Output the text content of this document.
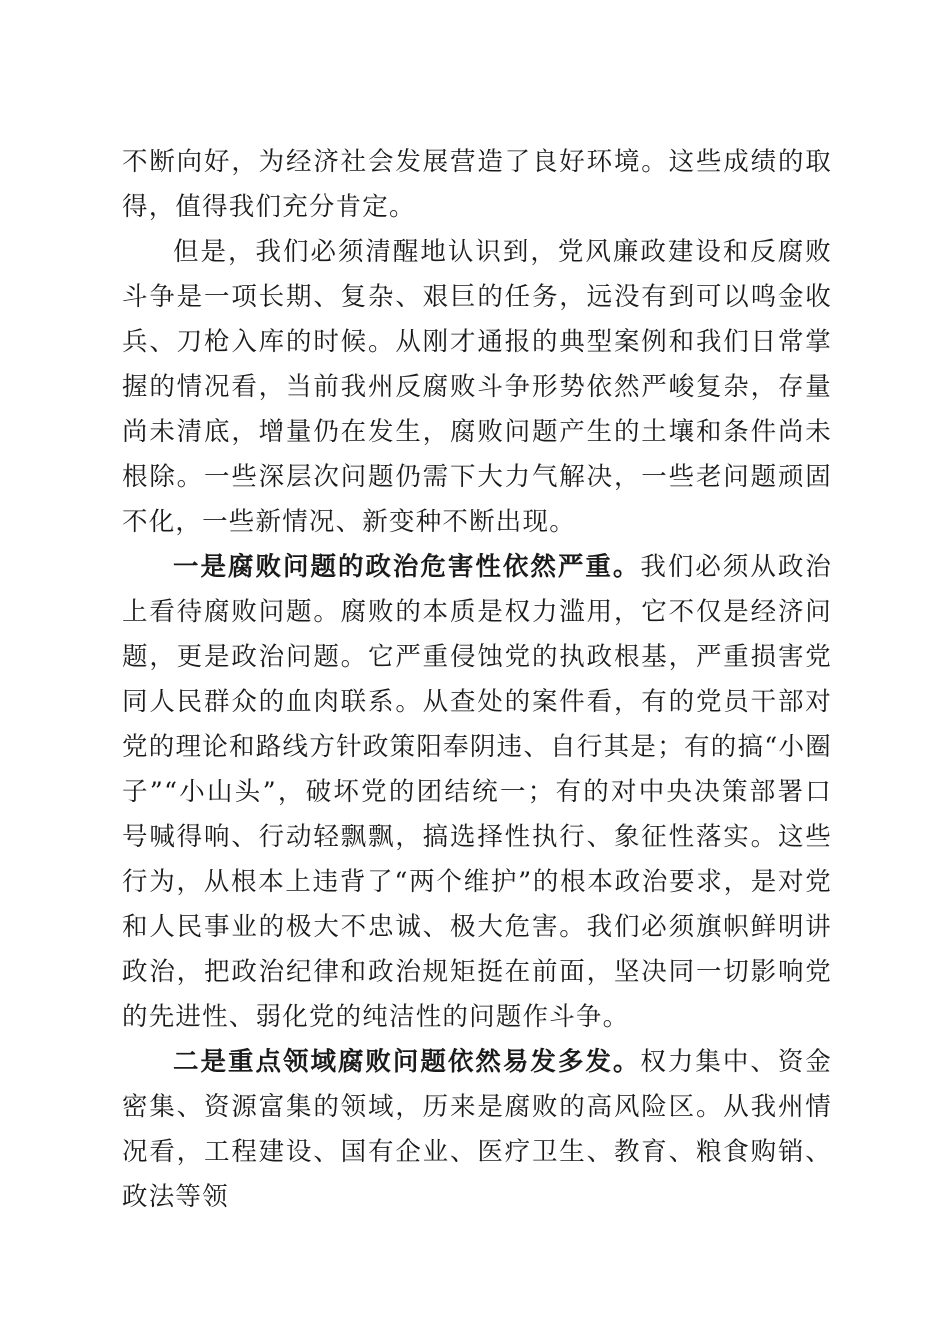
不断向好，为经济社会发展营造了良好环境。这些成绩的取得，值得我们充分肯定。

但是，我们必须清醒地认识到，党风廉政建设和反腐败斗争是一项长期、复杂、艰巨的任务，远没有到可以鸣金收兵、刀枪入库的时候。从刚才通报的典型案例和我们日常掌握的情况看，当前我州反腐败斗争形势依然严峻复杂，存量尚未清底，增量仍在发生，腐败问题产生的土壤和条件尚未根除。一些深层次问题仍需下大力气解决，一些老问题顽固不化，一些新情况、新变种不断出现。

一是腐败问题的政治危害性依然严重。我们必须从政治上看待腐败问题。腐败的本质是权力滥用，它不仅是经济问题，更是政治问题。它严重侵蚀党的执政根基，严重损害党同人民群众的血肉联系。从查处的案件看，有的党员干部对党的理论和路线方针政策阳奉阴违、自行其是；有的搞“小圈子”“小山头”，破坏党的团结统一；有的对中央决策部署口号喊得响、行动轻飘飘，搞选择性执行、象征性落实。这些行为，从根本上违背了“两个维护”的根本政治要求，是对党和人民事业的极大不忠诚、极大危害。我们必须旗帜鲜明讲政治，把政治纪律和政治规矩挺在前面，坚决同一切影响党的先进性、弱化党的纯洁性的问题作斗争。

二是重点领域腐败问题依然易发多发。权力集中、资金密集、资源富集的领域，历来是腐败的高风险区。从我州情况看，工程建设、国有企业、医疗卫生、教育、粮食购销、政法等领
